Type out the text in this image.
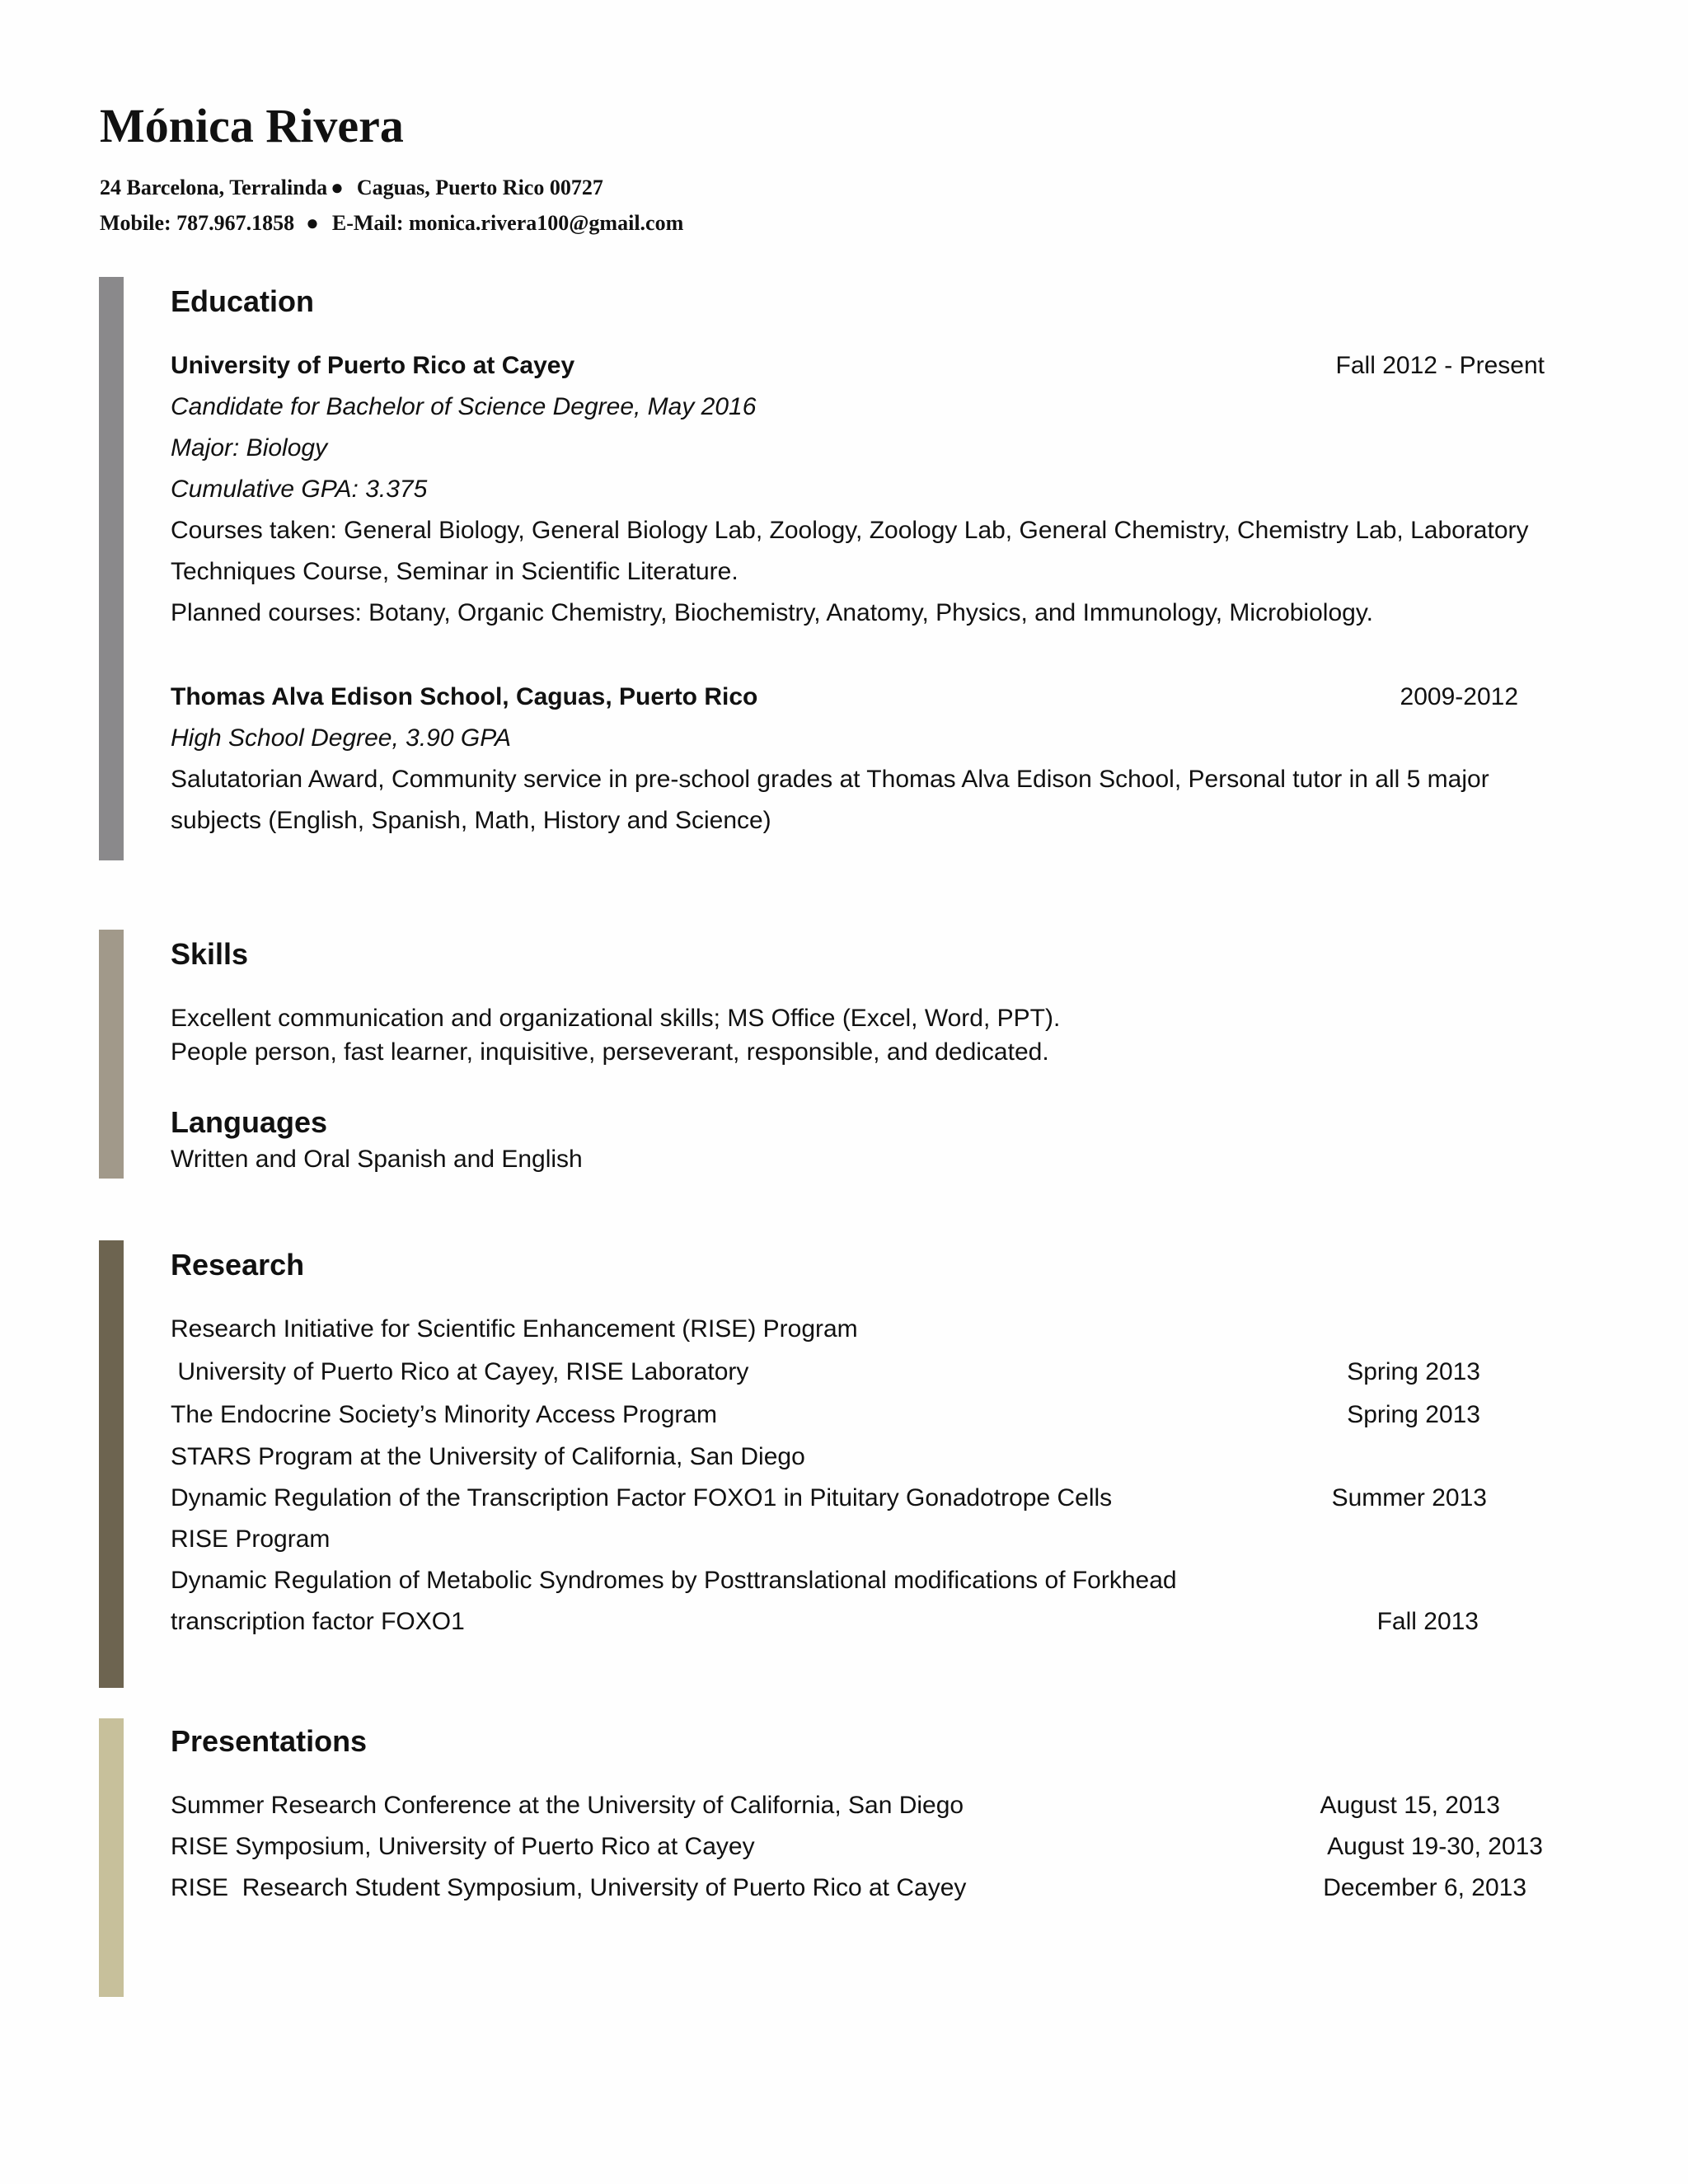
Mónica Rivera
24 Barcelona, Terralinda ● Caguas, Puerto Rico 00727
Mobile: 787.967.1858 ● E-Mail: monica.rivera100@gmail.com
Education
University of Puerto Rico at Cayey	Fall 2012 - Present
Candidate for Bachelor of Science Degree, May 2016
Major: Biology
Cumulative GPA: 3.375
Courses taken: General Biology, General Biology Lab, Zoology, Zoology Lab, General Chemistry, Chemistry Lab, Laboratory
Techniques Course, Seminar in Scientific Literature.
Planned courses: Botany, Organic Chemistry, Biochemistry, Anatomy, Physics, and Immunology, Microbiology.
Thomas Alva Edison School, Caguas, Puerto Rico	2009-2012
High School Degree, 3.90 GPA
Salutatorian Award, Community service in pre-school grades at Thomas Alva Edison School, Personal tutor in all 5 major
subjects (English, Spanish, Math, History and Science)
Skills
Excellent communication and organizational skills; MS Office (Excel, Word, PPT).
People person, fast learner, inquisitive, perseverant, responsible, and dedicated.
Languages
Written and Oral Spanish and English
Research
Research Initiative for Scientific Enhancement (RISE) Program
University of Puerto Rico at Cayey, RISE Laboratory	Spring 2013
The Endocrine Society’s Minority Access Program	Spring 2013
STARS Program at the University of California, San Diego
Dynamic Regulation of the Transcription Factor FOXO1 in Pituitary Gonadotrope Cells	Summer 2013
RISE Program
Dynamic Regulation of Metabolic Syndromes by Posttranslational modifications of Forkhead
transcription factor FOXO1	Fall 2013
Presentations
Summer Research Conference at the University of California, San Diego	August 15, 2013
RISE Symposium, University of Puerto Rico at Cayey	August 19-30, 2013
RISE  Research Student Symposium, University of Puerto Rico at Cayey	December 6, 2013
